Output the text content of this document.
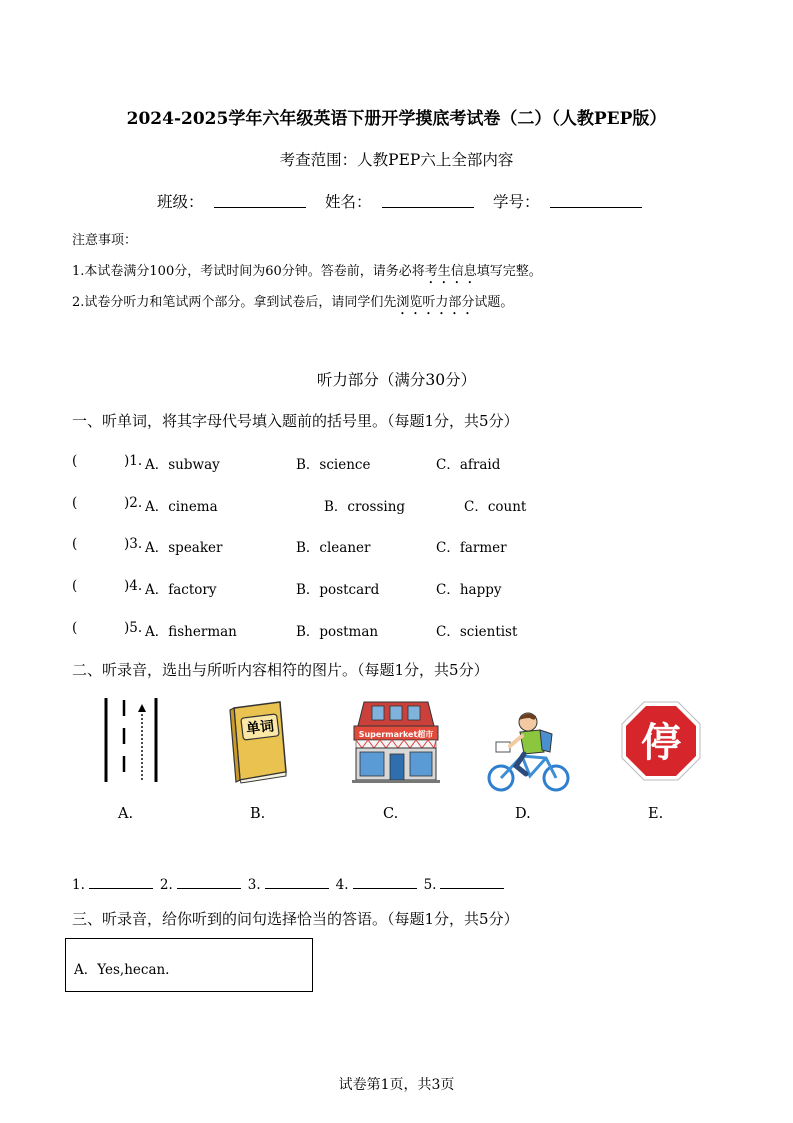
2024-2025学年六年级英语下册开学摸底考试卷（二）（人教PEP版）
考查范围：人教PEP六上全部内容
班级：	姓名：	学号：
注意事项：
1.本试卷满分100分，考试时间为60分钟。答卷前，请务必将考生信息填写完整。
2.试卷分听力和笔试两个部分。拿到试卷后，请同学们先浏览听力部分试题。
听力部分（满分30分）
一、听单词，将其字母代号填入题前的括号里。（每题1分，共5分）
(	)1. A．subway	B．science	C．afraid
(	)2. A．cinema	B．crossing	C．count
(	)3. A．speaker	B．cleaner	C．farmer
(	)4. A．factory	B．postcard	C．happy
(	)5. A．fisherman	B．postman	C．scientist
二、听录音，选出与所听内容相符的图片。（每题1分，共5分）
单词	Supermarket超市	停
A.	B.	C.	D.	E.
1.	2.	3.	4.	5.
三、听录音，给你听到的问句选择恰当的答语。（每题1分，共5分）
A．Yes,hecan.
试卷第1页，共3页
